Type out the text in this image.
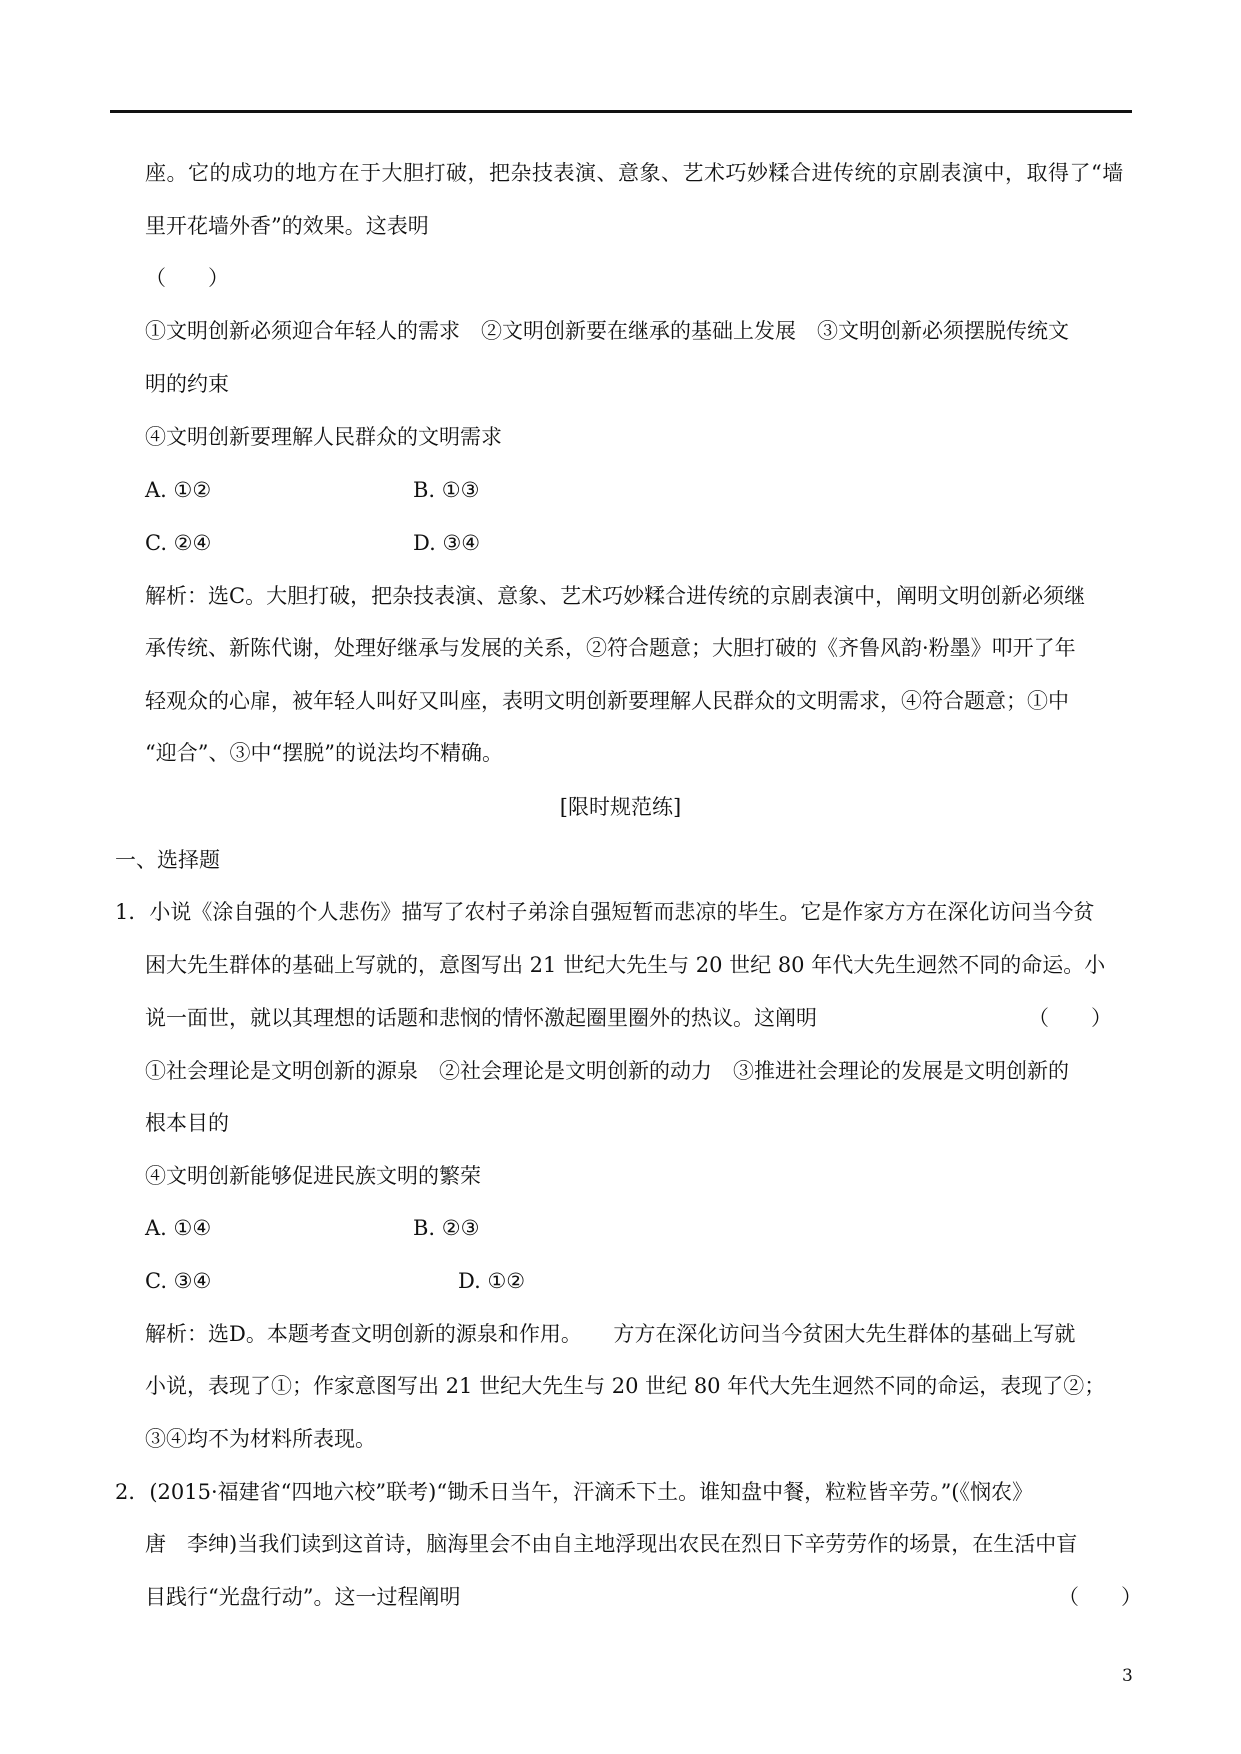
座。它的成功的地方在于大胆打破，把杂技表演、意象、艺术巧妙糅合进传统的京剧表演中，取得了“墙
里开花墙外香”的效果。这表明
（　　）
①文明创新必须迎合年轻人的需求　②文明创新要在继承的基础上发展　③文明创新必须摆脱传统文
明的约束
④文明创新要理解人民群众的文明需求
A. ①②	B. ①③
C. ②④	D. ③④
解析：选C。大胆打破，把杂技表演、意象、艺术巧妙糅合进传统的京剧表演中，阐明文明创新必须继
承传统、新陈代谢，处理好继承与发展的关系，②符合题意；大胆打破的《齐鲁风韵·粉墨》叩开了年
轻观众的心扉，被年轻人叫好又叫座，表明文明创新要理解人民群众的文明需求，④符合题意；①中
“迎合”、③中“摆脱”的说法均不精确。
[限时规范练]
一、选择题
1．小说《涂自强的个人悲伤》描写了农村子弟涂自强短暂而悲凉的毕生。它是作家方方在深化访问当今贫
困大先生群体的基础上写就的，意图写出 21 世纪大先生与 20 世纪 80 年代大先生迥然不同的命运。小
说一面世，就以其理想的话题和悲悯的情怀激起圈里圈外的热议。这阐明	（　　）
①社会理论是文明创新的源泉　②社会理论是文明创新的动力　③推进社会理论的发展是文明创新的
根本目的
④文明创新能够促进民族文明的繁荣
A. ①④	B. ②③
C. ③④	D. ①②
解析：选D。本题考查文明创新的源泉和作用。　　方方在深化访问当今贫困大先生群体的基础上写就
小说，表现了①；作家意图写出 21 世纪大先生与 20 世纪 80 年代大先生迥然不同的命运，表现了②；
③④均不为材料所表现。
2．(2015·福建省“四地六校”联考)“锄禾日当午，汗滴禾下土。谁知盘中餐，粒粒皆辛劳。”(《悯农》
唐　李绅)当我们读到这首诗，脑海里会不由自主地浮现出农民在烈日下辛劳劳作的场景，在生活中盲
目践行“光盘行动”。这一过程阐明	（　　）
3
